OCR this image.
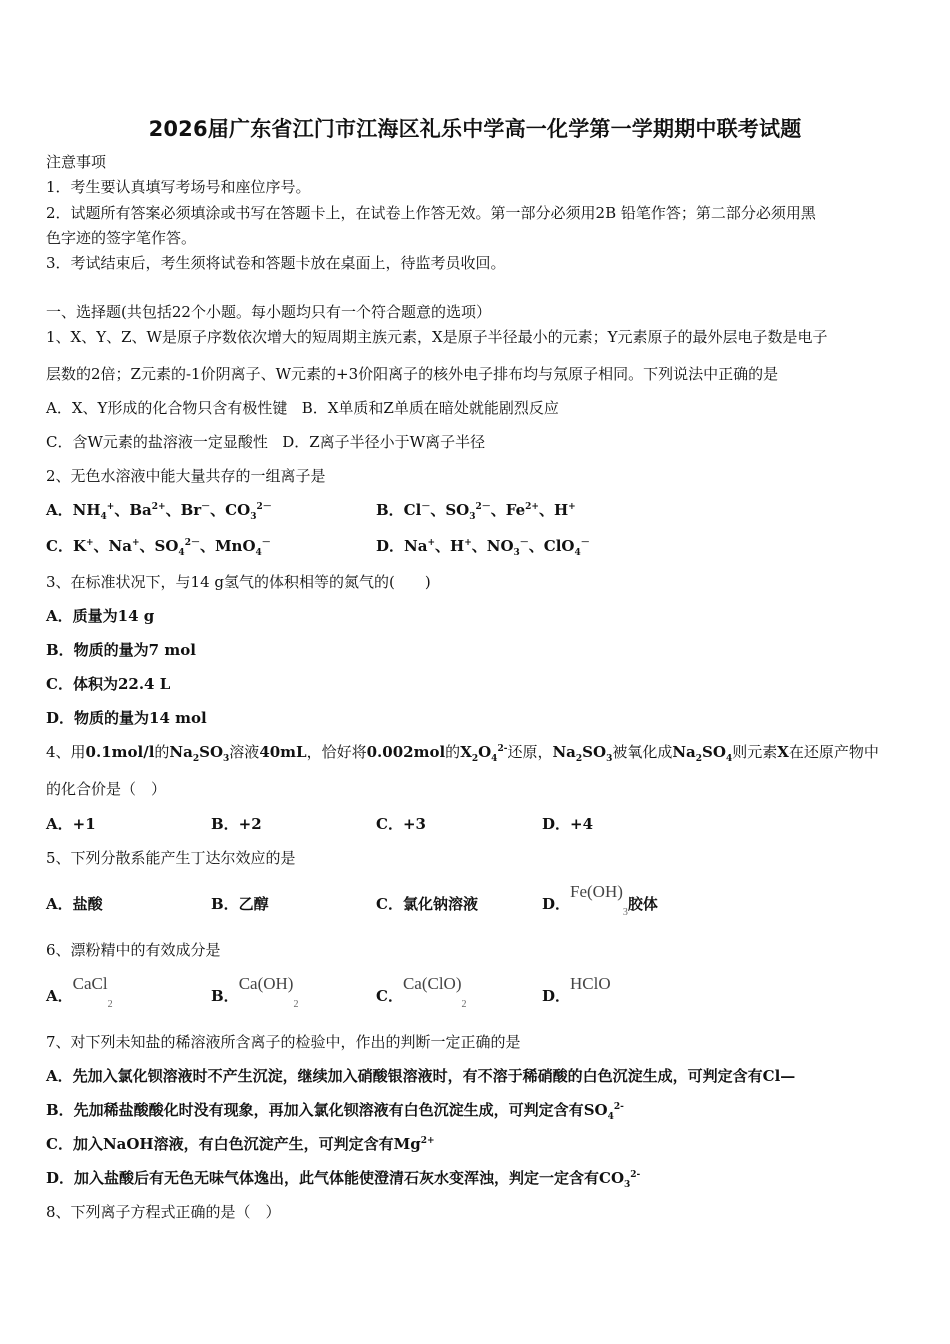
2026届广东省江门市江海区礼乐中学高一化学第一学期期中联考试题
注意事项
1．考生要认真填写考场号和座位序号。
2．试题所有答案必须填涂或书写在答题卡上，在试卷上作答无效。第一部分必须用2B 铅笔作答；第二部分必须用黑
色字迹的签字笔作答。
3．考试结束后，考生须将试卷和答题卡放在桌面上，待监考员收回。
一、选择题(共包括22个小题。每小题均只有一个符合题意的选项）
1、X、Y、Z、W是原子序数依次增大的短周期主族元素，X是原子半径最小的元素；Y元素原子的最外层电子数是电子
层数的2倍；Z元素的-1价阴离子、W元素的+3价阳离子的核外电子排布均与氖原子相同。下列说法中正确的是
A．X、Y形成的化合物只含有极性键 B．X单质和Z单质在暗处就能剧烈反应
C．含W元素的盐溶液一定显酸性 D．Z离子半径小于W离子半径
2、无色水溶液中能大量共存的一组离子是
A．$NH_4^+$、$Ba^{2+}$、Br－、$CO_3^{2-}$	B．Cl－、$SO_3^{2-}$、$Fe^{2+}$、H+
C．K+、Na+、$SO_4^{2-}$、MnO$_4$－	D．Na+、H+、$NO_3^-$、ClO$_4$－
3、在标准状况下，与14 g氢气的体积相等的氮气的(　　)
A．质量为14 g
B．物质的量为7 mol
C．体积为22.4 L
D．物质的量为14 mol
4、用0.1mol/l的$Na_2SO_3$溶液40mL，恰好将0.002mol的$X_2O_4^{2-}$还原，$Na_2SO_3$被氧化成$Na_2SO_4$则元素X在还原产物中
的化合价是（　）
A．+1	B．+2	C．+3	D．+4
5、下列分散系能产生丁达尔效应的是
A．盐酸	B．乙醇	C．氯化钠溶液	D．$Fe(OH)_3$胶体
6、漂粉精中的有效成分是
A．CaCl$_2$	B．$Ca(OH)_2$	C．$Ca(ClO)_2$	D．HClO
7、对下列未知盐的稀溶液所含离子的检验中，作出的判断一定正确的是
A．先加入氯化钡溶液时不产生沉淀，继续加入硝酸银溶液时，有不溶于稀硝酸的白色沉淀生成，可判定含有Cl—
B．先加稀盐酸酸化时没有现象，再加入氯化钡溶液有白色沉淀生成，可判定含有$SO_4^{2-}$
C．加入NaOH溶液，有白色沉淀产生，可判定含有$Mg^{2+}$
D．加入盐酸后有无色无味气体逸出，此气体能使澄清石灰水变浑浊，判定一定含有$CO_3^{2-}$
8、下列离子方程式正确的是（　）
